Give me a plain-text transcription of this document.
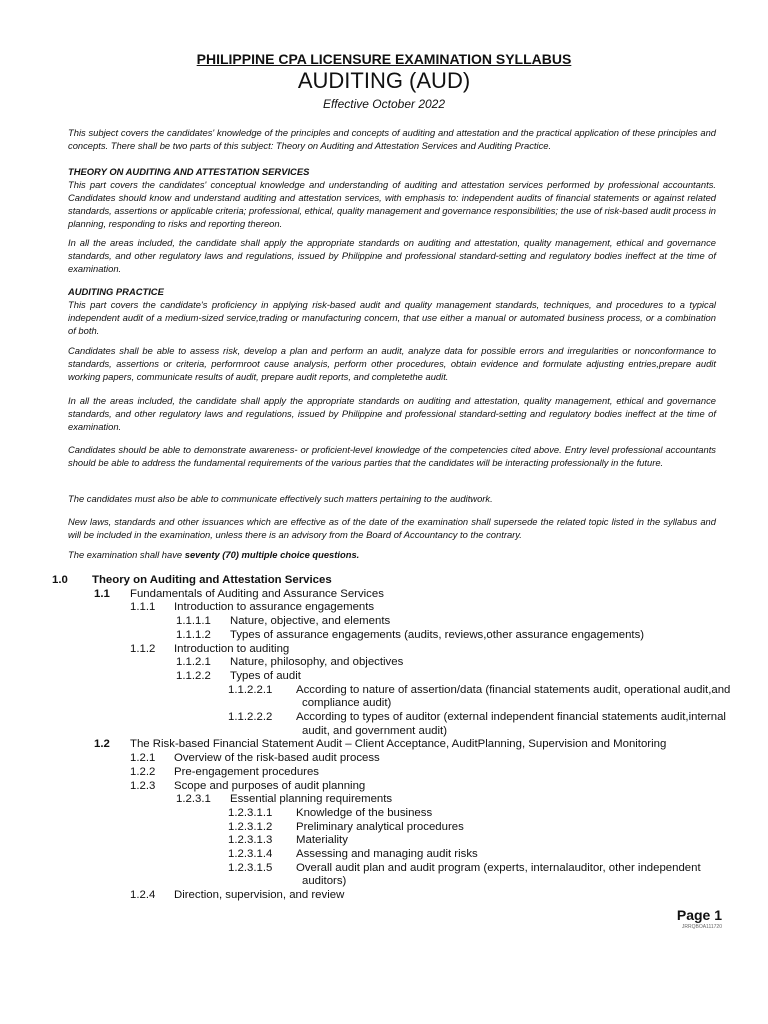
PHILIPPINE CPA LICENSURE EXAMINATION SYLLABUS
AUDITING (AUD)
Effective October 2022

This subject covers the candidates' knowledge of the principles and concepts of auditing and attestation and the practical application of these principles and concepts. There shall be two parts of this subject: Theory on Auditing and Attestation Services and Auditing Practice.

THEORY ON AUDITING AND ATTESTATION SERVICES

This part covers the candidates' conceptual knowledge and understanding of auditing and attestation services performed by professional accountants. Candidates should know and understand auditing and attestation services, with emphasis to: independent audits of financial statements or against related standards, assertions or applicable criteria; professional, ethical, quality management and governance responsibilities; the use of risk-based audit process in planning, responding to risks and reporting thereon.

In all the areas included, the candidate shall apply the appropriate standards on auditing and attestation, quality management, ethical and governance standards, and other regulatory laws and regulations, issued by Philippine and professional standard-setting and regulatory bodies ineffect at the time of examination.

AUDITING PRACTICE

This part covers the candidate's proficiency in applying risk-based audit and quality management standards, techniques, and procedures to a typical independent audit of a medium-sized service,trading or manufacturing concern, that use either a manual or automated business process, or a combination of both.

Candidates shall be able to assess risk, develop a plan and perform an audit, analyze data for possible errors and irregularities or nonconformance to standards, assertions or criteria, performroot cause analysis, perform other procedures, obtain evidence and formulate adjusting entries,prepare audit working papers, communicate results of audit, prepare audit reports, and completethe audit.

In all the areas included, the candidate shall apply the appropriate standards on auditing and attestation, quality management, ethical and governance standards, and other regulatory laws and regulations, issued by Philippine and professional standard-setting and regulatory bodies ineffect at the time of examination.

Candidates should be able to demonstrate awareness- or proficient-level knowledge of the competencies cited above. Entry level professional accountants should be able to address the fundamental requirements of the various parties that the candidates will be interacting professionally in the future.

The candidates must also be able to communicate effectively such matters pertaining to the auditwork.

New laws, standards and other issuances which are effective as of the date of the examination shall supersede the related topic listed in the syllabus and will be included in the examination, unless there is an advisory from the Board of Accountancy to the contrary.

The examination shall have seventy (70) multiple choice questions.

1.0 Theory on Auditing and Attestation Services
1.1 Fundamentals of Auditing and Assurance Services
1.1.1 Introduction to assurance engagements
1.1.1.1 Nature, objective, and elements
1.1.1.2 Types of assurance engagements (audits, reviews,other assurance engagements)
1.1.2 Introduction to auditing
1.1.2.1 Nature, philosophy, and objectives
1.1.2.2 Types of audit
1.1.2.2.1 According to nature of assertion/data (financial statements audit, operational audit,and
compliance audit)
1.1.2.2.2 According to types of auditor (external independent financial statements audit,internal
audit, and government audit)
1.2 The Risk-based Financial Statement Audit – Client Acceptance, AuditPlanning, Supervision and Monitoring
1.2.1 Overview of the risk-based audit process
1.2.2 Pre-engagement procedures
1.2.3 Scope and purposes of audit planning
1.2.3.1 Essential planning requirements
1.2.3.1.1 Knowledge of the business
1.2.3.1.2 Preliminary analytical procedures
1.2.3.1.3 Materiality
1.2.3.1.4 Assessing and managing audit risks
1.2.3.1.5 Overall audit plan and audit program (experts, internalauditor, other independent
auditors)
1.2.4 Direction, supervision, and review
Page 1
JRRQBOA111720
